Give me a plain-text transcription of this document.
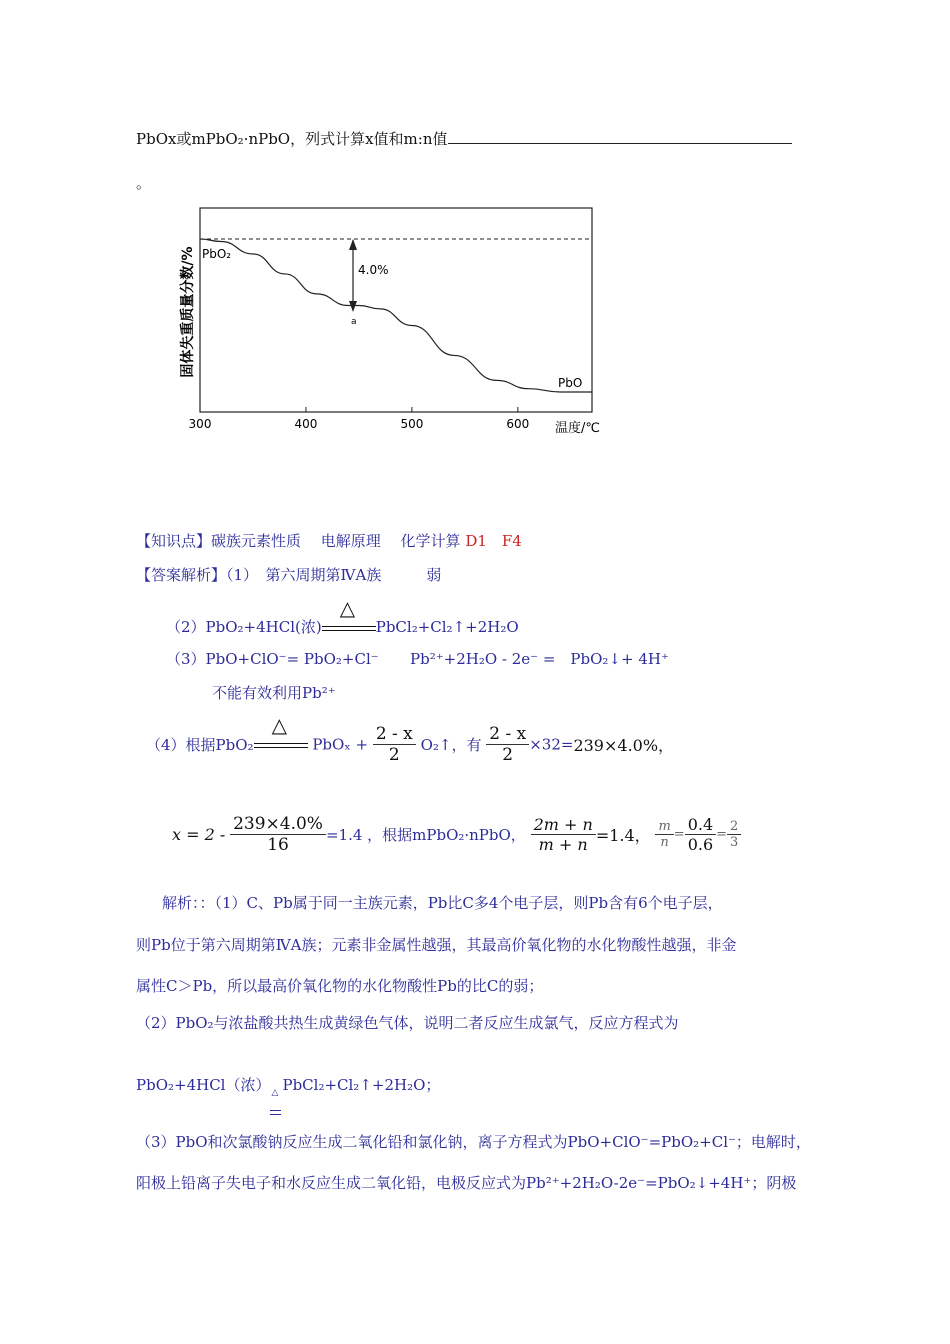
PbOx或mPbO₂·nPbO，列式计算x值和m:n值
。
300	400	500	600
4.0%
PbO₂
a
PbO
温度/℃
固体失重质量分数/%
【知识点】碳族元素性质　 电解原理　 化学计算 D1　F4
【答案解析】（1）　第六周期第ⅣA族　　　弱
（2）PbO₂+4HCl(浓)
△
PbCl₂+Cl₂↑+2H₂O
（3）PbO+ClO⁻= PbO₂+Cl⁻ Pb²⁺+2H₂O - 2e⁻ =　PbO₂↓+ 4H⁺
不能有效利用Pb²⁺
（4）根据PbO₂
△
$PbO_x + \frac{2 - x}{2}$ O₂↑，有 $\frac{2 - x}{2} \times 32=239\times 4.0\%$，
$x = 2 - \frac{239\times 4.0\%}{16} =1.4$ ，根据mPbO₂·nPbO， $\frac{2m + n}{m + n} =1.4$， $\frac{m}{n} = \frac{0.4}{0.6} = \frac{2}{3}$
解析：：（1）C、Pb属于同一主族元素，Pb比C多4个电子层，则Pb含有6个电子层，
则Pb位于第六周期第ⅣA族；元素非金属性越强，其最高价氧化物的水化物酸性越强，非金
属性C＞Pb，所以最高价氧化物的水化物酸性Pb的比C的弱；
（2）PbO₂与浓盐酸共热生成黄绿色气体，说明二者反应生成氯气，反应方程式为
PbO₂+4HCl（浓） △ PbCl₂+Cl₂↑+2H₂O；
（3）PbO和次氯酸钠反应生成二氧化铅和氯化钠，离子方程式为PbO+ClO⁻=PbO₂+Cl⁻；电解时，
阳极上铅离子失电子和水反应生成二氧化铅，电极反应式为Pb²⁺+2H₂O-2e⁻=PbO₂↓+4H⁺；阴极
